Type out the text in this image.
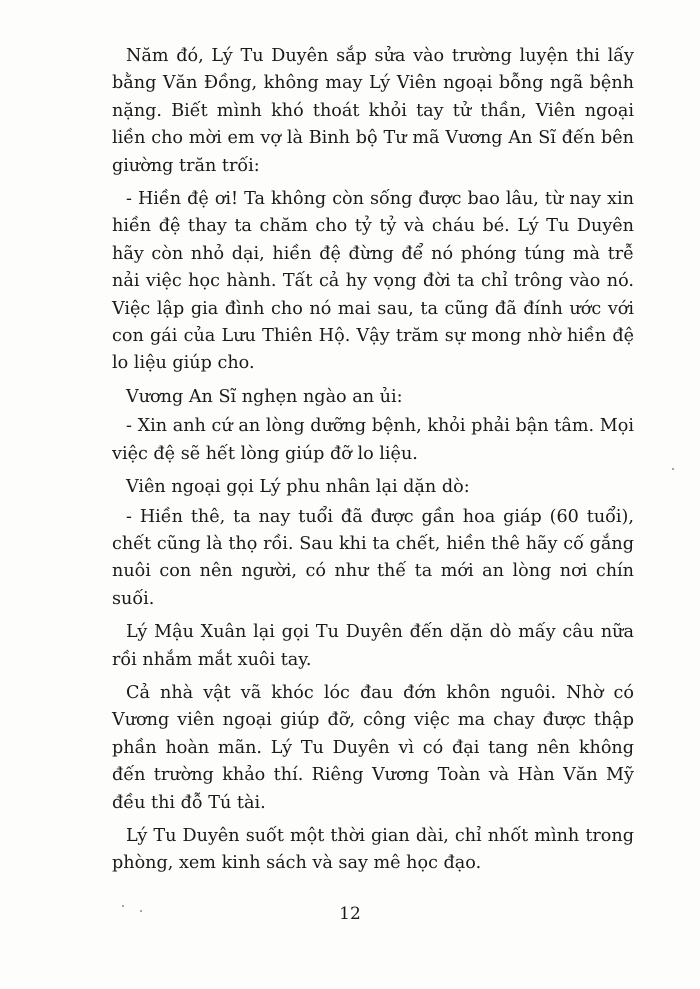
Năm đó, Lý Tu Duyên sắp sửa vào trường luyện thi lấy bằng Văn Đồng, không may Lý Viên ngoại bỗng ngã bệnh nặng. Biết mình khó thoát khỏi tay tử thần, Viên ngoại liền cho mời em vợ là Binh bộ Tư mã Vương An Sĩ đến bên giường trăn trối:

- Hiền đệ ơi! Ta không còn sống được bao lâu, từ nay xin hiền đệ thay ta chăm cho tỷ tỷ và cháu bé. Lý Tu Duyên hãy còn nhỏ dại, hiền đệ đừng để nó phóng túng mà trễ nải việc học hành. Tất cả hy vọng đời ta chỉ trông vào nó. Việc lập gia đình cho nó mai sau, ta cũng đã đính ước với con gái của Lưu Thiên Hộ. Vậy trăm sự mong nhờ hiền đệ lo liệu giúp cho.

Vương An Sĩ nghẹn ngào an ủi:

- Xin anh cứ an lòng dưỡng bệnh, khỏi phải bận tâm. Mọi việc đệ sẽ hết lòng giúp đỡ lo liệu.

Viên ngoại gọi Lý phu nhân lại dặn dò:

- Hiền thê, ta nay tuổi đã được gần hoa giáp (60 tuổi), chết cũng là thọ rồi. Sau khi ta chết, hiền thê hãy cố gắng nuôi con nên người, có như thế ta mới an lòng nơi chín suối.

Lý Mậu Xuân lại gọi Tu Duyên đến dặn dò mấy câu nữa rồi nhắm mắt xuôi tay.

Cả nhà vật vã khóc lóc đau đớn khôn nguôi. Nhờ có Vương viên ngoại giúp đỡ, công việc ma chay được thập phần hoàn mãn. Lý Tu Duyên vì có đại tang nên không đến trường khảo thí. Riêng Vương Toàn và Hàn Văn Mỹ đều thi đỗ Tú tài.

Lý Tu Duyên suốt một thời gian dài, chỉ nhốt mình trong phòng, xem kinh sách và say mê học đạo.

12
